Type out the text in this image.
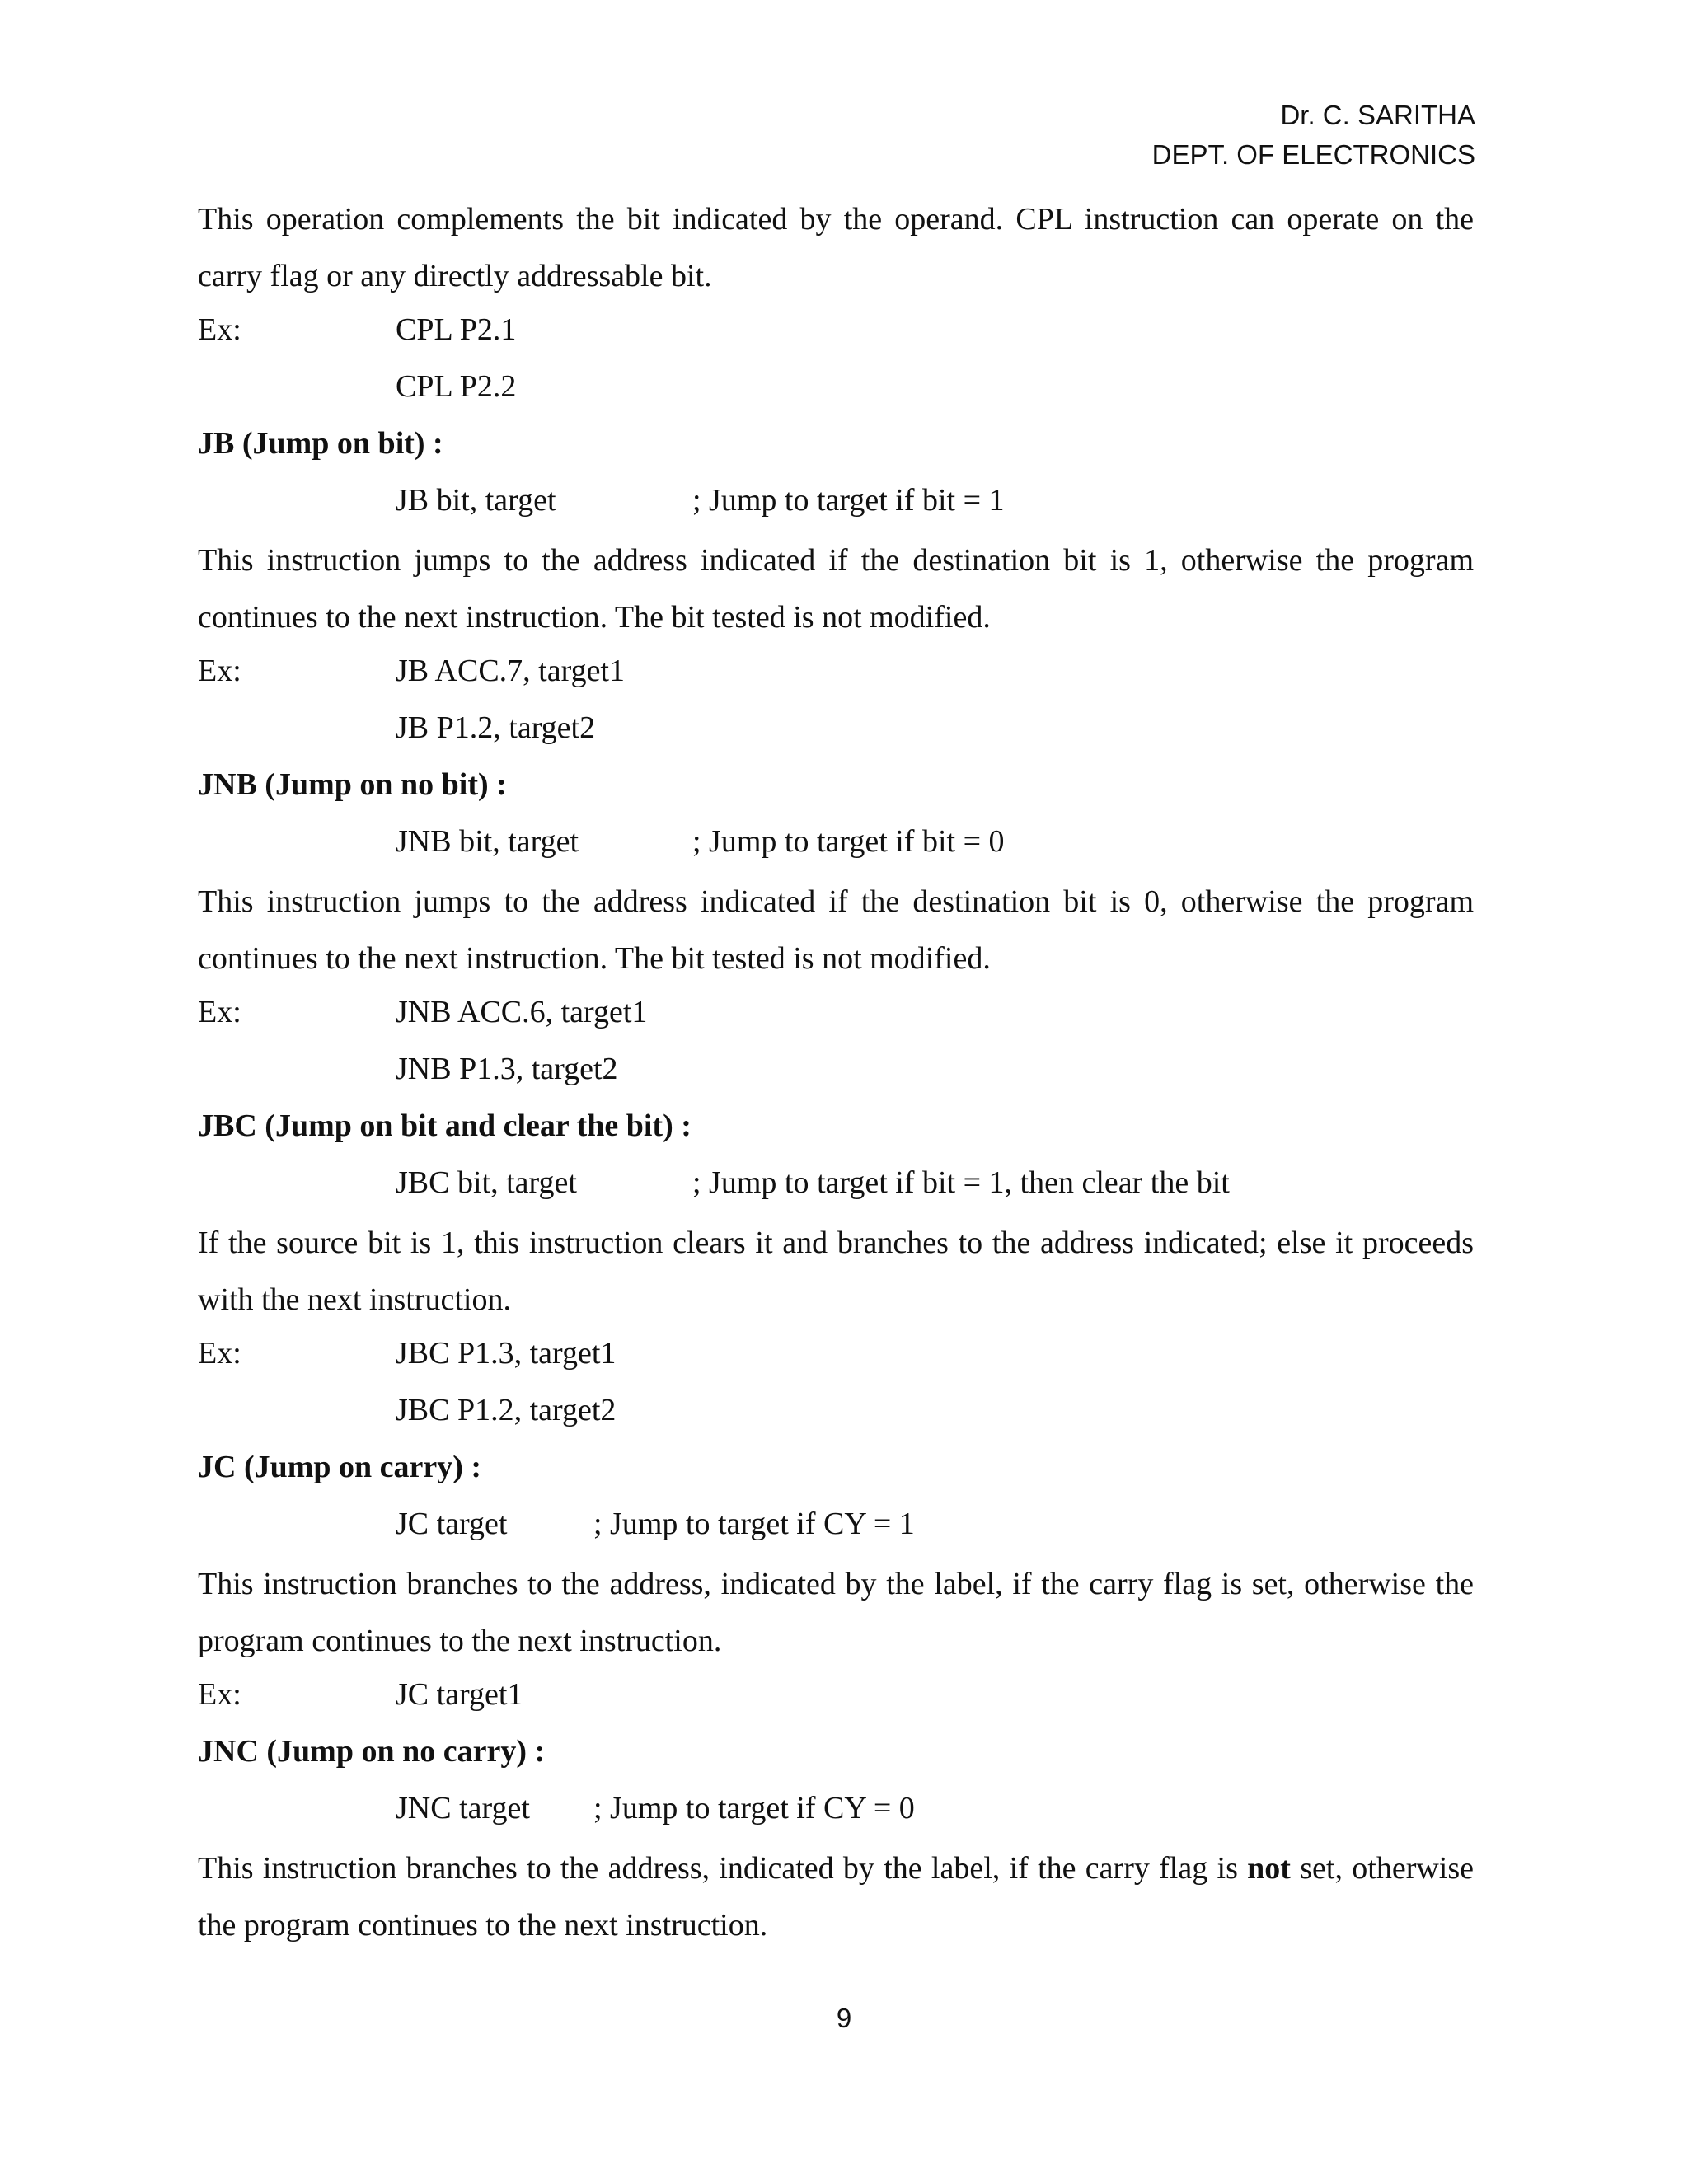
Dr. C. SARITHA
DEPT. OF ELECTRONICS
This operation complements the bit indicated by the operand. CPL instruction can operate on the carry flag or any directly addressable bit.
Ex:	CPL P2.1
CPL P2.2
JB (Jump on bit) :
JB bit, target	; Jump to target if bit = 1
This instruction jumps to the address indicated if the destination bit is 1, otherwise the program continues to the next instruction. The bit tested is not modified.
Ex:	JB ACC.7, target1
JB P1.2, target2
JNB (Jump on no bit) :
JNB bit, target	; Jump to target if bit = 0
This instruction jumps to the address indicated if the destination bit is 0, otherwise the program continues to the next instruction. The bit tested is not modified.
Ex:	JNB ACC.6, target1
JNB P1.3, target2
JBC (Jump on bit and clear the bit) :
JBC bit, target	; Jump to target if bit = 1, then clear the bit
If the source bit is 1, this instruction clears it and branches to the address indicated; else it proceeds with the next instruction.
Ex:	JBC P1.3, target1
JBC P1.2, target2
JC (Jump on carry) :
JC target	; Jump to target if CY = 1
This instruction branches to the address, indicated by the label, if the carry flag is set, otherwise the program continues to the next instruction.
Ex:	JC target1
JNC (Jump on no carry) :
JNC target ; Jump to target if CY = 0
This instruction branches to the address, indicated by the label, if the carry flag is not set, otherwise the program continues to the next instruction.
9
